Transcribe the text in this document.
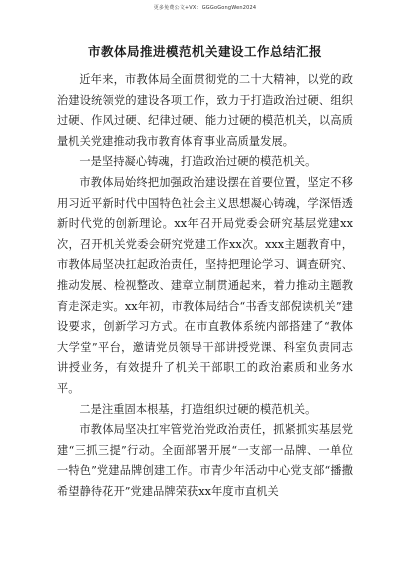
更多免费公文+VX：GGGoGongWen2024
市教体局推进模范机关建设工作总结汇报

近年来，市教体局全面贯彻党的二十大精神，以党的政治建设统领党的建设各项工作，致力于打造政治过硬、组织过硬、作风过硬、纪律过硬、能力过硬的模范机关，以高质量机关党建推动我市教育体育事业高质量发展。

一是坚持凝心铸魂，打造政治过硬的模范机关。

市教体局始终把加强政治建设摆在首要位置，坚定不移用习近平新时代中国特色社会主义思想凝心铸魂，学深悟透新时代党的创新理论。xx年召开局党委会研究基层党建xx次，召开机关党委会研究党建工作xx次。xxx主题教育中，市教体局坚决扛起政治责任，坚持把理论学习、调查研究、推动发展、检视整改、建章立制贯通起来，着力推动主题教育走深走实。xx年初，市教体局结合“书香支部倪读机关”建设要求，创新学习方式。在市直教体系统内部搭建了“教体大学堂”平台，邀请党员领导干部讲授党课、科室负责同志讲授业务，有效提升了机关干部职工的政治素质和业务水平。

二是注重固本根基，打造组织过硬的模范机关。

市教体局坚决扛牢管党治党政治责任，抓紧抓实基层党建“三抓三提”行动。全面部署开展“一支部一品牌、一单位一特色”党建品牌创建工作。市青少年活动中心党支部“播撒希望静待花开”党建品牌荣获xx年度市直机关
